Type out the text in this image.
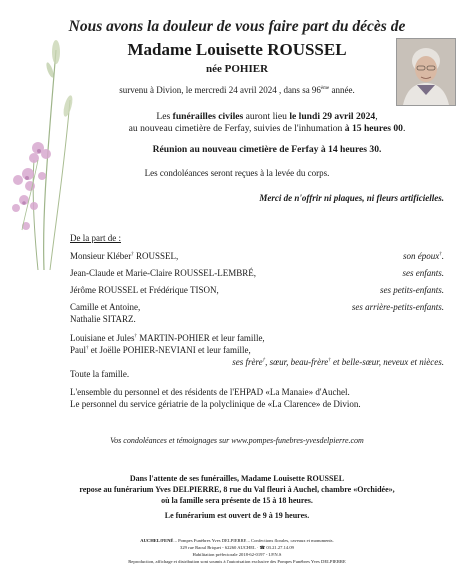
Nous avons la douleur de vous faire part du décès de
Madame Louisette ROUSSEL
née POHIER
survenu à Divion, le mercredi 24 avril 2024 , dans sa 96ème année.
Les funérailles civiles auront lieu le lundi 29 avril 2024,
au nouveau cimetière de Ferfay, suivies de l'inhumation à 15 heures 00.
Réunion au nouveau cimetière de Ferfay à 14 heures 30.
Les condoléances seront reçues à la levée du corps.
Merci de n'offrir ni plaques, ni fleurs artificielles.
De la part de :
Monsieur Kléber† ROUSSEL,	son époux†.
Jean-Claude et Marie-Claire ROUSSEL-LEMBRÉ,	ses enfants.
Jérôme ROUSSEL et Frédérique TISON,	ses petits-enfants.
Camille et Antoine,	ses arrière-petits-enfants.
Nathalie SITARZ.
Louisiane et Jules† MARTIN-POHIER et leur famille,
Paul† et Joëlle POHIER-NEVIANI et leur famille,
ses frère†, sœur, beau-frère† et belle-sœur, neveux et nièces.
Toute la famille.
L'ensemble du personnel et des résidents de l'EHPAD «La Manaie» d'Auchel.
Le personnel du service gériatrie de la polyclinique de «La Clarence» de Divion.
Vos condoléances et témoignages sur www.pompes-funebres-yvesdelpierre.com
Dans l'attente de ses funérailles, Madame Louisette ROUSSEL
repose au funérarium Yves DELPIERRE, 8 rue du Val fleuri à Auchel, chambre «Orchidée»,
où la famille sera présente de 15 à 18 heures.
Le funérarium est ouvert de 9 à 19 heures.
AUCHEL/FENÉ – Pompes Funèbres Yves DELPIERRE – Confections florales, caveaux et monuments.
329 rue Raoul Briquet - 62260 AUCHEL · ☎ 03.21.27.14.09
Habilitation préfectorale 2018-62-0197 - I.P.N.S
Reproduction, affichage et distribution sont soumis à l'autorisation exclusive des Pompes Funèbres Yves DELPIERRE
